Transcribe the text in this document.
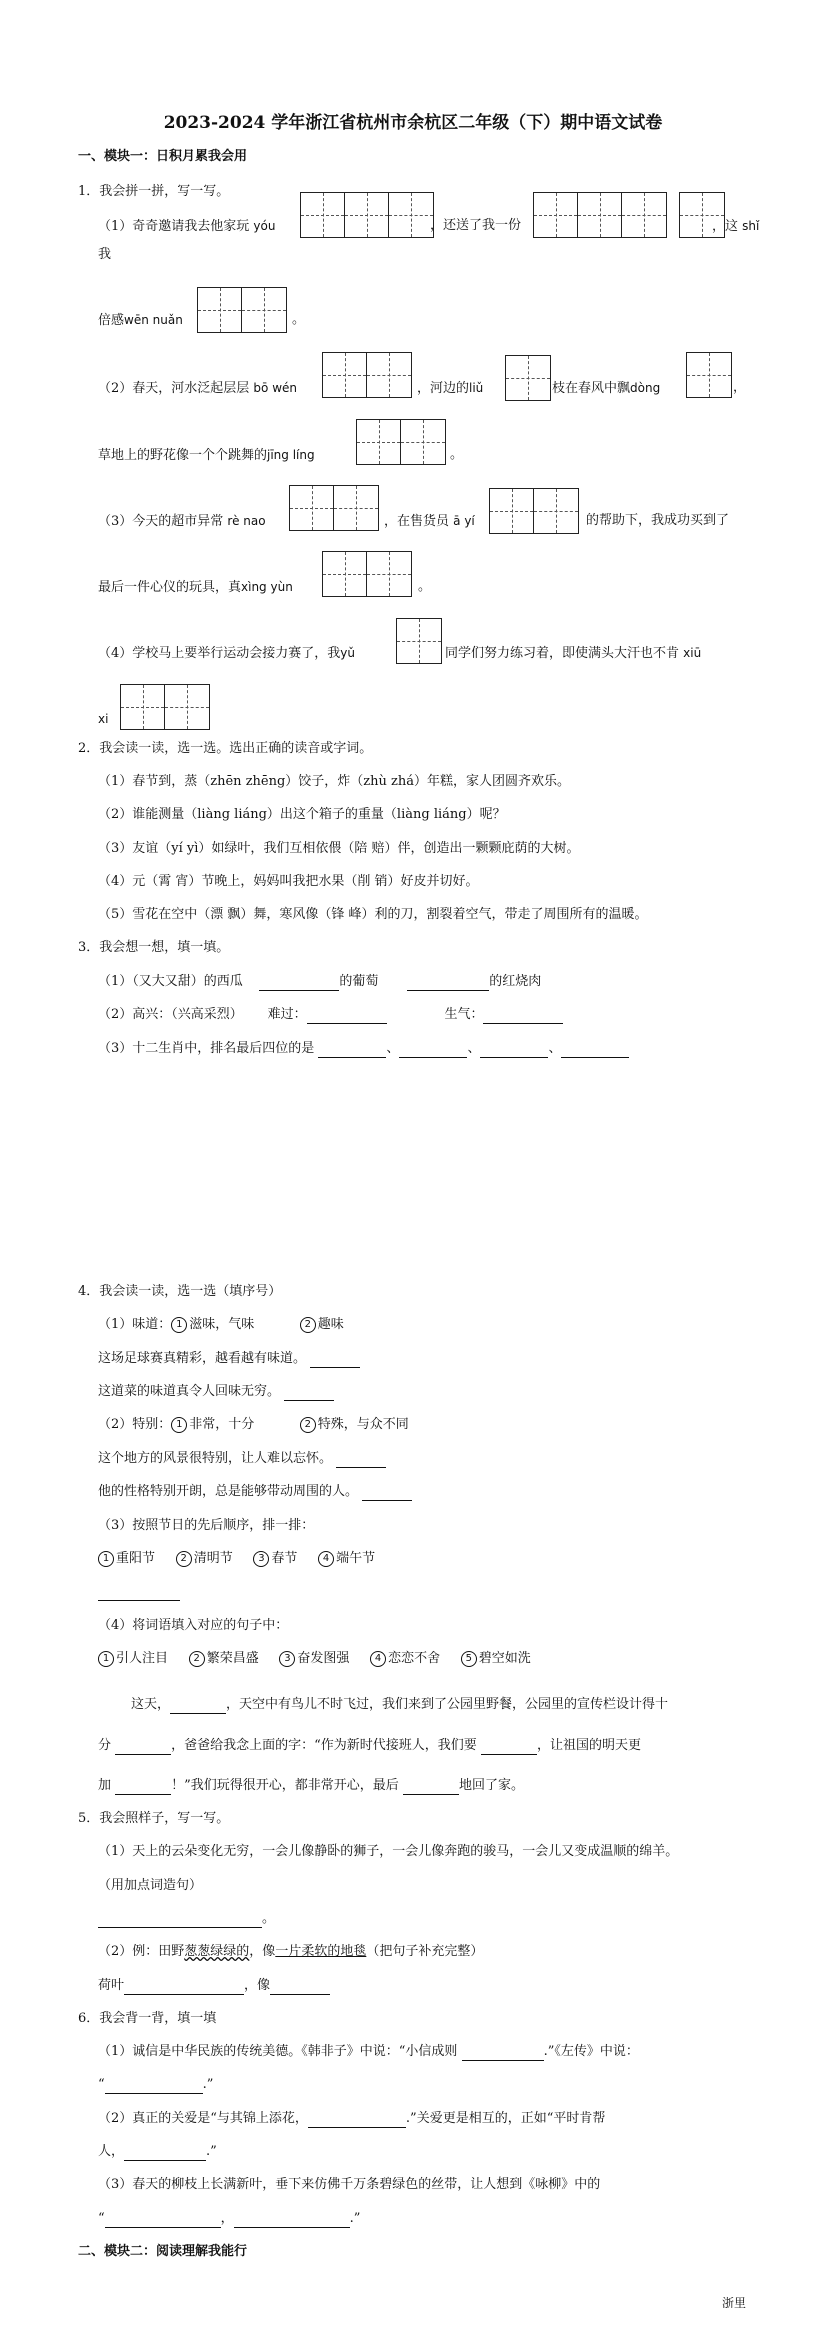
2023-2024 学年浙江省杭州市余杭区二年级（下）期中语文试卷
一、模块一：日积月累我会用
1．我会拼一拼，写一写。
（1）奇奇邀请我去他家玩 yóu	，还送了我一份	，这 shǐ
我
倍感wēn nuǎn	。
（2）春天，河水泛起层层 bō wén	，河边的liǔ	枝在春风中飘dòng	，
草地上的野花像一个个跳舞的jīng líng	。
（3）今天的超市异常 rè nao	，在售货员 ā yí	的帮助下，我成功买到了
最后一件心仪的玩具，真xìng yùn	。
（4）学校马上要举行运动会接力赛了，我yǔ	同学们努力练习着，即使满头大汗也不肯 xiū
xi
2．我会读一读，选一选。选出正确的读音或字词。
（1）春节到，蒸（zhēn zhēng）饺子，炸（zhù zhá）年糕，家人团圆齐欢乐。
（2）谁能测量（liàng liáng）出这个箱子的重量（liàng liáng）呢？
（3）友谊（yí yì）如绿叶，我们互相依偎（陪 赔）伴，创造出一颗颗庇荫的大树。
（4）元（霄 宵）节晚上，妈妈叫我把水果（削 销）好皮并切好。
（5）雪花在空中（漂 飘）舞，寒风像（锋 峰）利的刀，割裂着空气，带走了周围所有的温暖。
3．我会想一想，填一填。
（1）（又大又甜）的西瓜	的葡萄	的红烧肉
（2）高兴：（兴高采烈） 难过：	生气：
（3）十二生肖中，排名最后四位的是	、	、	、
4．我会读一读，选一选（填序号）
（1）味道： 1 滋味，气味	2 趣味
这场足球赛真精彩，越看越有味道。
这道菜的味道真令人回味无穷。
（2）特别： 1 非常，十分	2 特殊，与众不同
这个地方的风景很特别，让人难以忘怀。
他的性格特别开朗，总是能够带动周围的人。
（3）按照节日的先后顺序，排一排：
1 重阳节	2 清明节	3 春节	4 端午节
（4）将词语填入对应的句子中：
1 引人注目	2 繁荣昌盛	3 奋发图强	4 恋恋不舍	5 碧空如洗
这天，	，天空中有鸟儿不时飞过，我们来到了公园里野餐，公园里的宣传栏设计得十
分	，爸爸给我念上面的字：“作为新时代接班人，我们要	，让祖国的明天更
加	！”我们玩得很开心，都非常开心，最后	地回了家。
5．我会照样子，写一写。
（1）天上的云朵变化无穷，一会儿像静卧的狮子，一会儿像奔跑的骏马，一会儿又变成温顺的绵羊。
（用加点词造句）
。
（2）例：田野葱葱绿绿的，像一片柔软的地毯（把句子补充完整）
荷叶	，像
6．我会背一背，填一填
（1）诚信是中华民族的传统美德。《韩非子》中说：“小信成则	.”《左传》中说：
“	.”
（2）真正的关爱是“与其锦上添花，	.”关爱更是相互的，正如“平时肯帮
人，	.”
（3）春天的柳枝上长满新叶，垂下来仿佛千万条碧绿色的丝带，让人想到《咏柳》中的
“	，	.”
二、模块二：阅读理解我能行
浙里
